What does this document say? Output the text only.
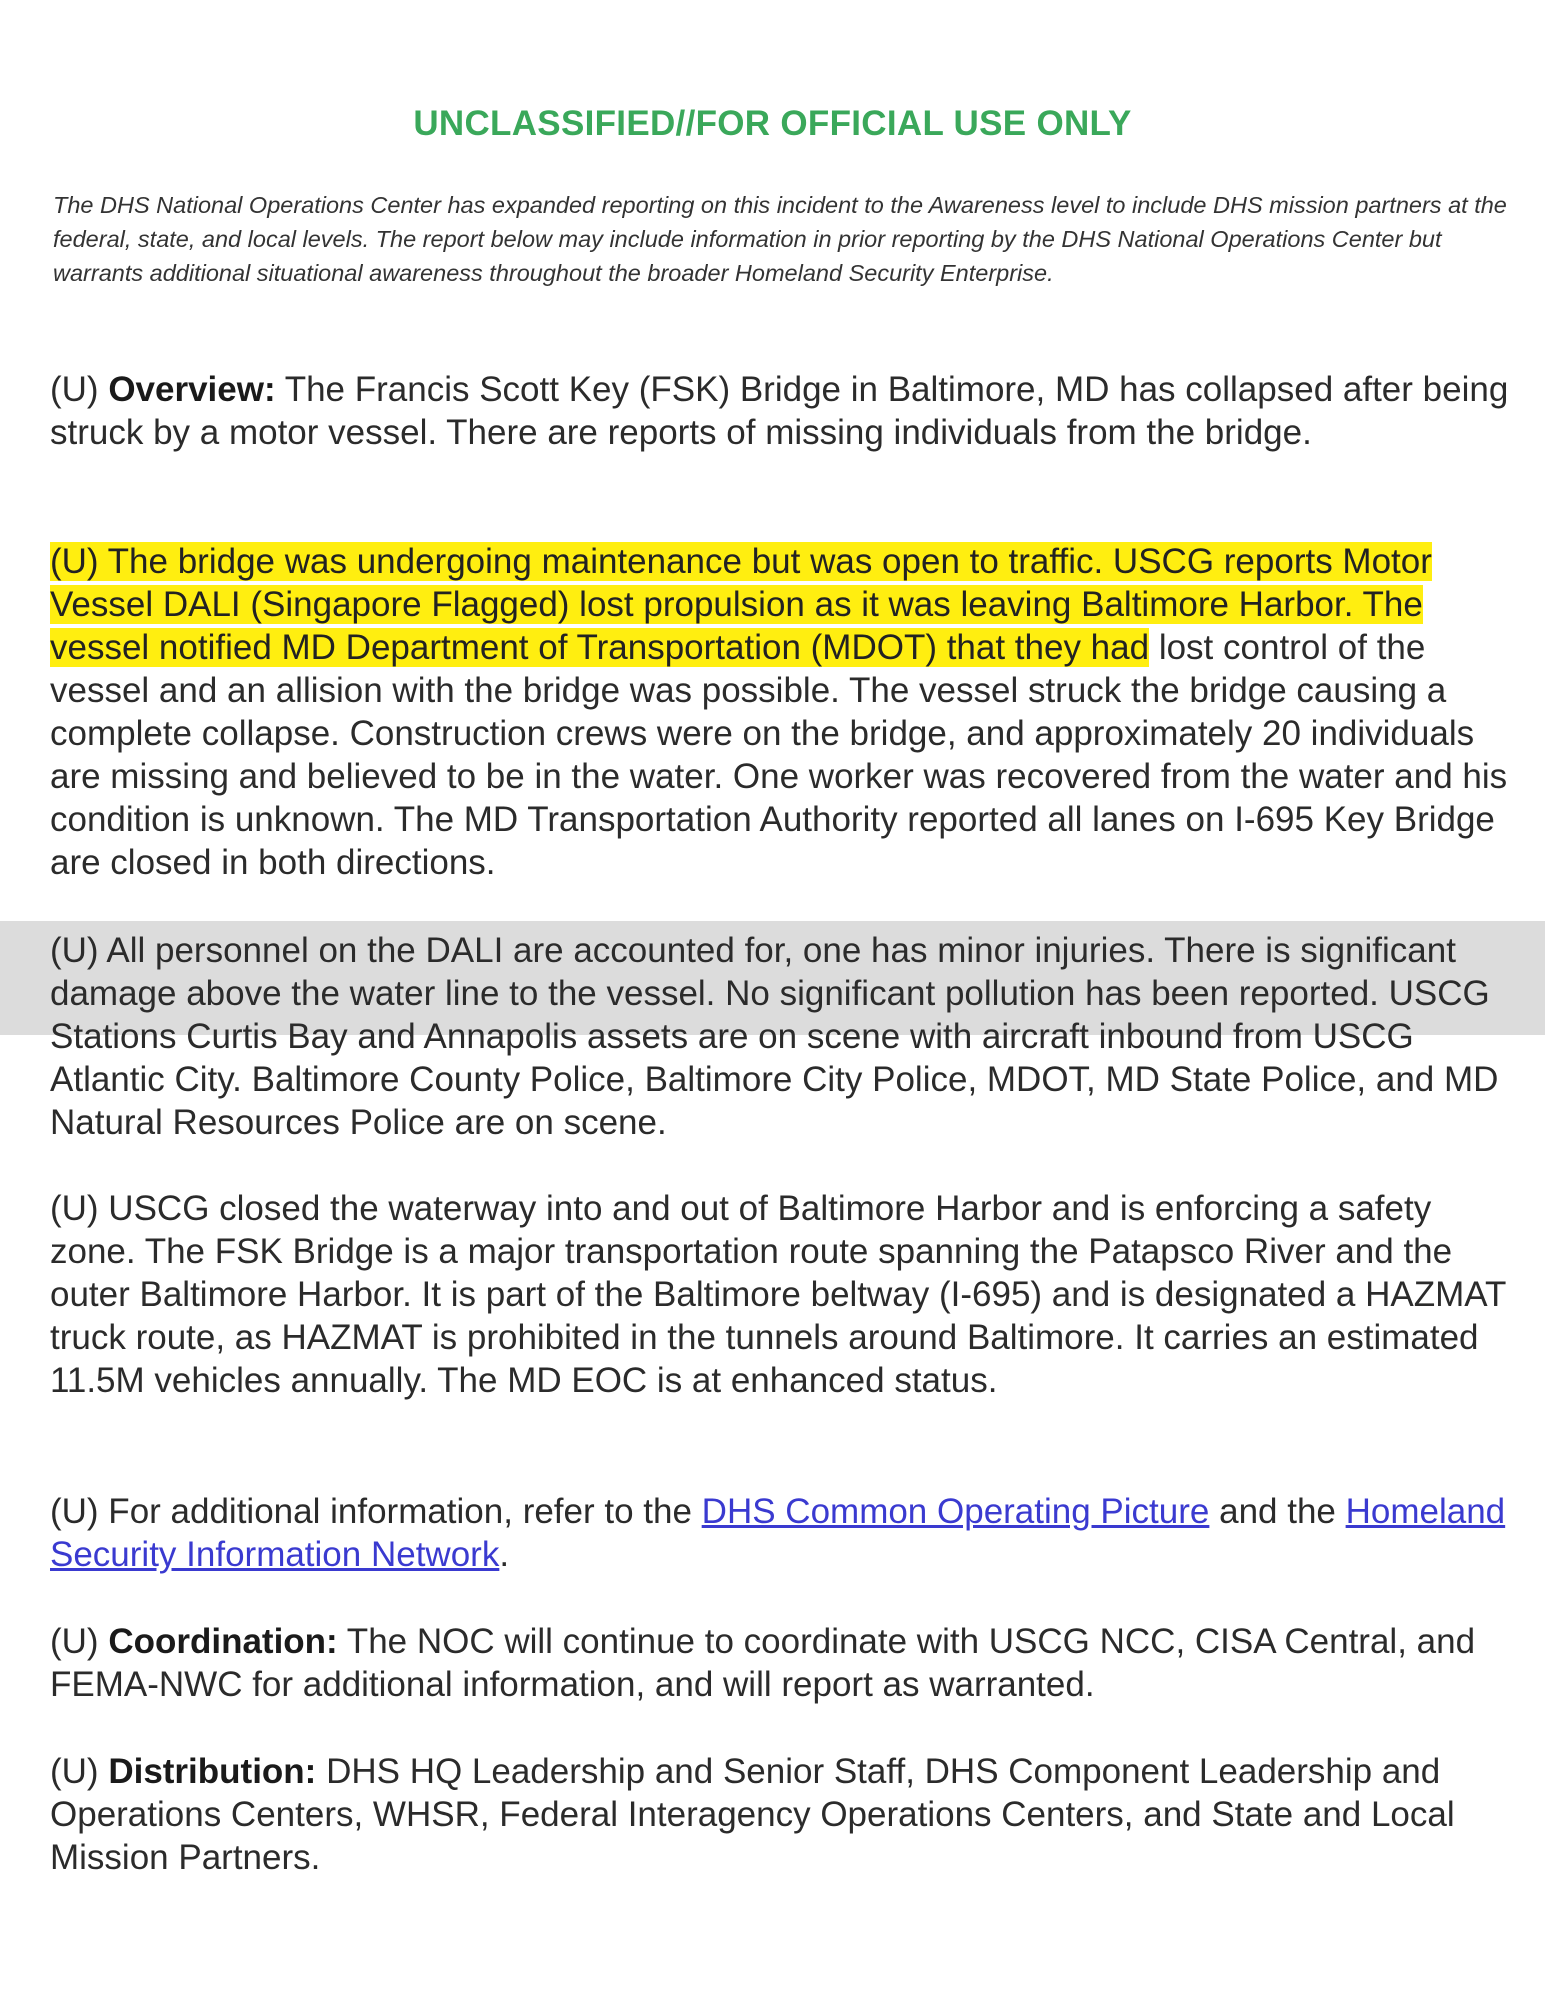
UNCLASSIFIED//FOR OFFICIAL USE ONLY
The DHS National Operations Center has expanded reporting on this incident to the Awareness level to include DHS mission partners at the federal, state, and local levels. The report below may include information in prior reporting by the DHS National Operations Center but warrants additional situational awareness throughout the broader Homeland Security Enterprise.
(U) Overview: The Francis Scott Key (FSK) Bridge in Baltimore, MD has collapsed after being struck by a motor vessel. There are reports of missing individuals from the bridge.
(U) The bridge was undergoing maintenance but was open to traffic. USCG reports Motor Vessel DALI (Singapore Flagged) lost propulsion as it was leaving Baltimore Harbor. The vessel notified MD Department of Transportation (MDOT) that they had lost control of the vessel and an allision with the bridge was possible. The vessel struck the bridge causing a complete collapse. Construction crews were on the bridge, and approximately 20 individuals are missing and believed to be in the water. One worker was recovered from the water and his condition is unknown. The MD Transportation Authority reported all lanes on I-695 Key Bridge are closed in both directions.
(U) All personnel on the DALI are accounted for, one has minor injuries. There is significant damage above the water line to the vessel. No significant pollution has been reported. USCG Stations Curtis Bay and Annapolis assets are on scene with aircraft inbound from USCG Atlantic City. Baltimore County Police, Baltimore City Police, MDOT, MD State Police, and MD Natural Resources Police are on scene.
(U) USCG closed the waterway into and out of Baltimore Harbor and is enforcing a safety zone. The FSK Bridge is a major transportation route spanning the Patapsco River and the outer Baltimore Harbor. It is part of the Baltimore beltway (I-695) and is designated a HAZMAT truck route, as HAZMAT is prohibited in the tunnels around Baltimore. It carries an estimated 11.5M vehicles annually. The MD EOC is at enhanced status.
(U) For additional information, refer to the DHS Common Operating Picture and the Homeland Security Information Network.
(U) Coordination: The NOC will continue to coordinate with USCG NCC, CISA Central, and FEMA-NWC for additional information, and will report as warranted.
(U) Distribution: DHS HQ Leadership and Senior Staff, DHS Component Leadership and Operations Centers, WHSR, Federal Interagency Operations Centers, and State and Local Mission Partners.
